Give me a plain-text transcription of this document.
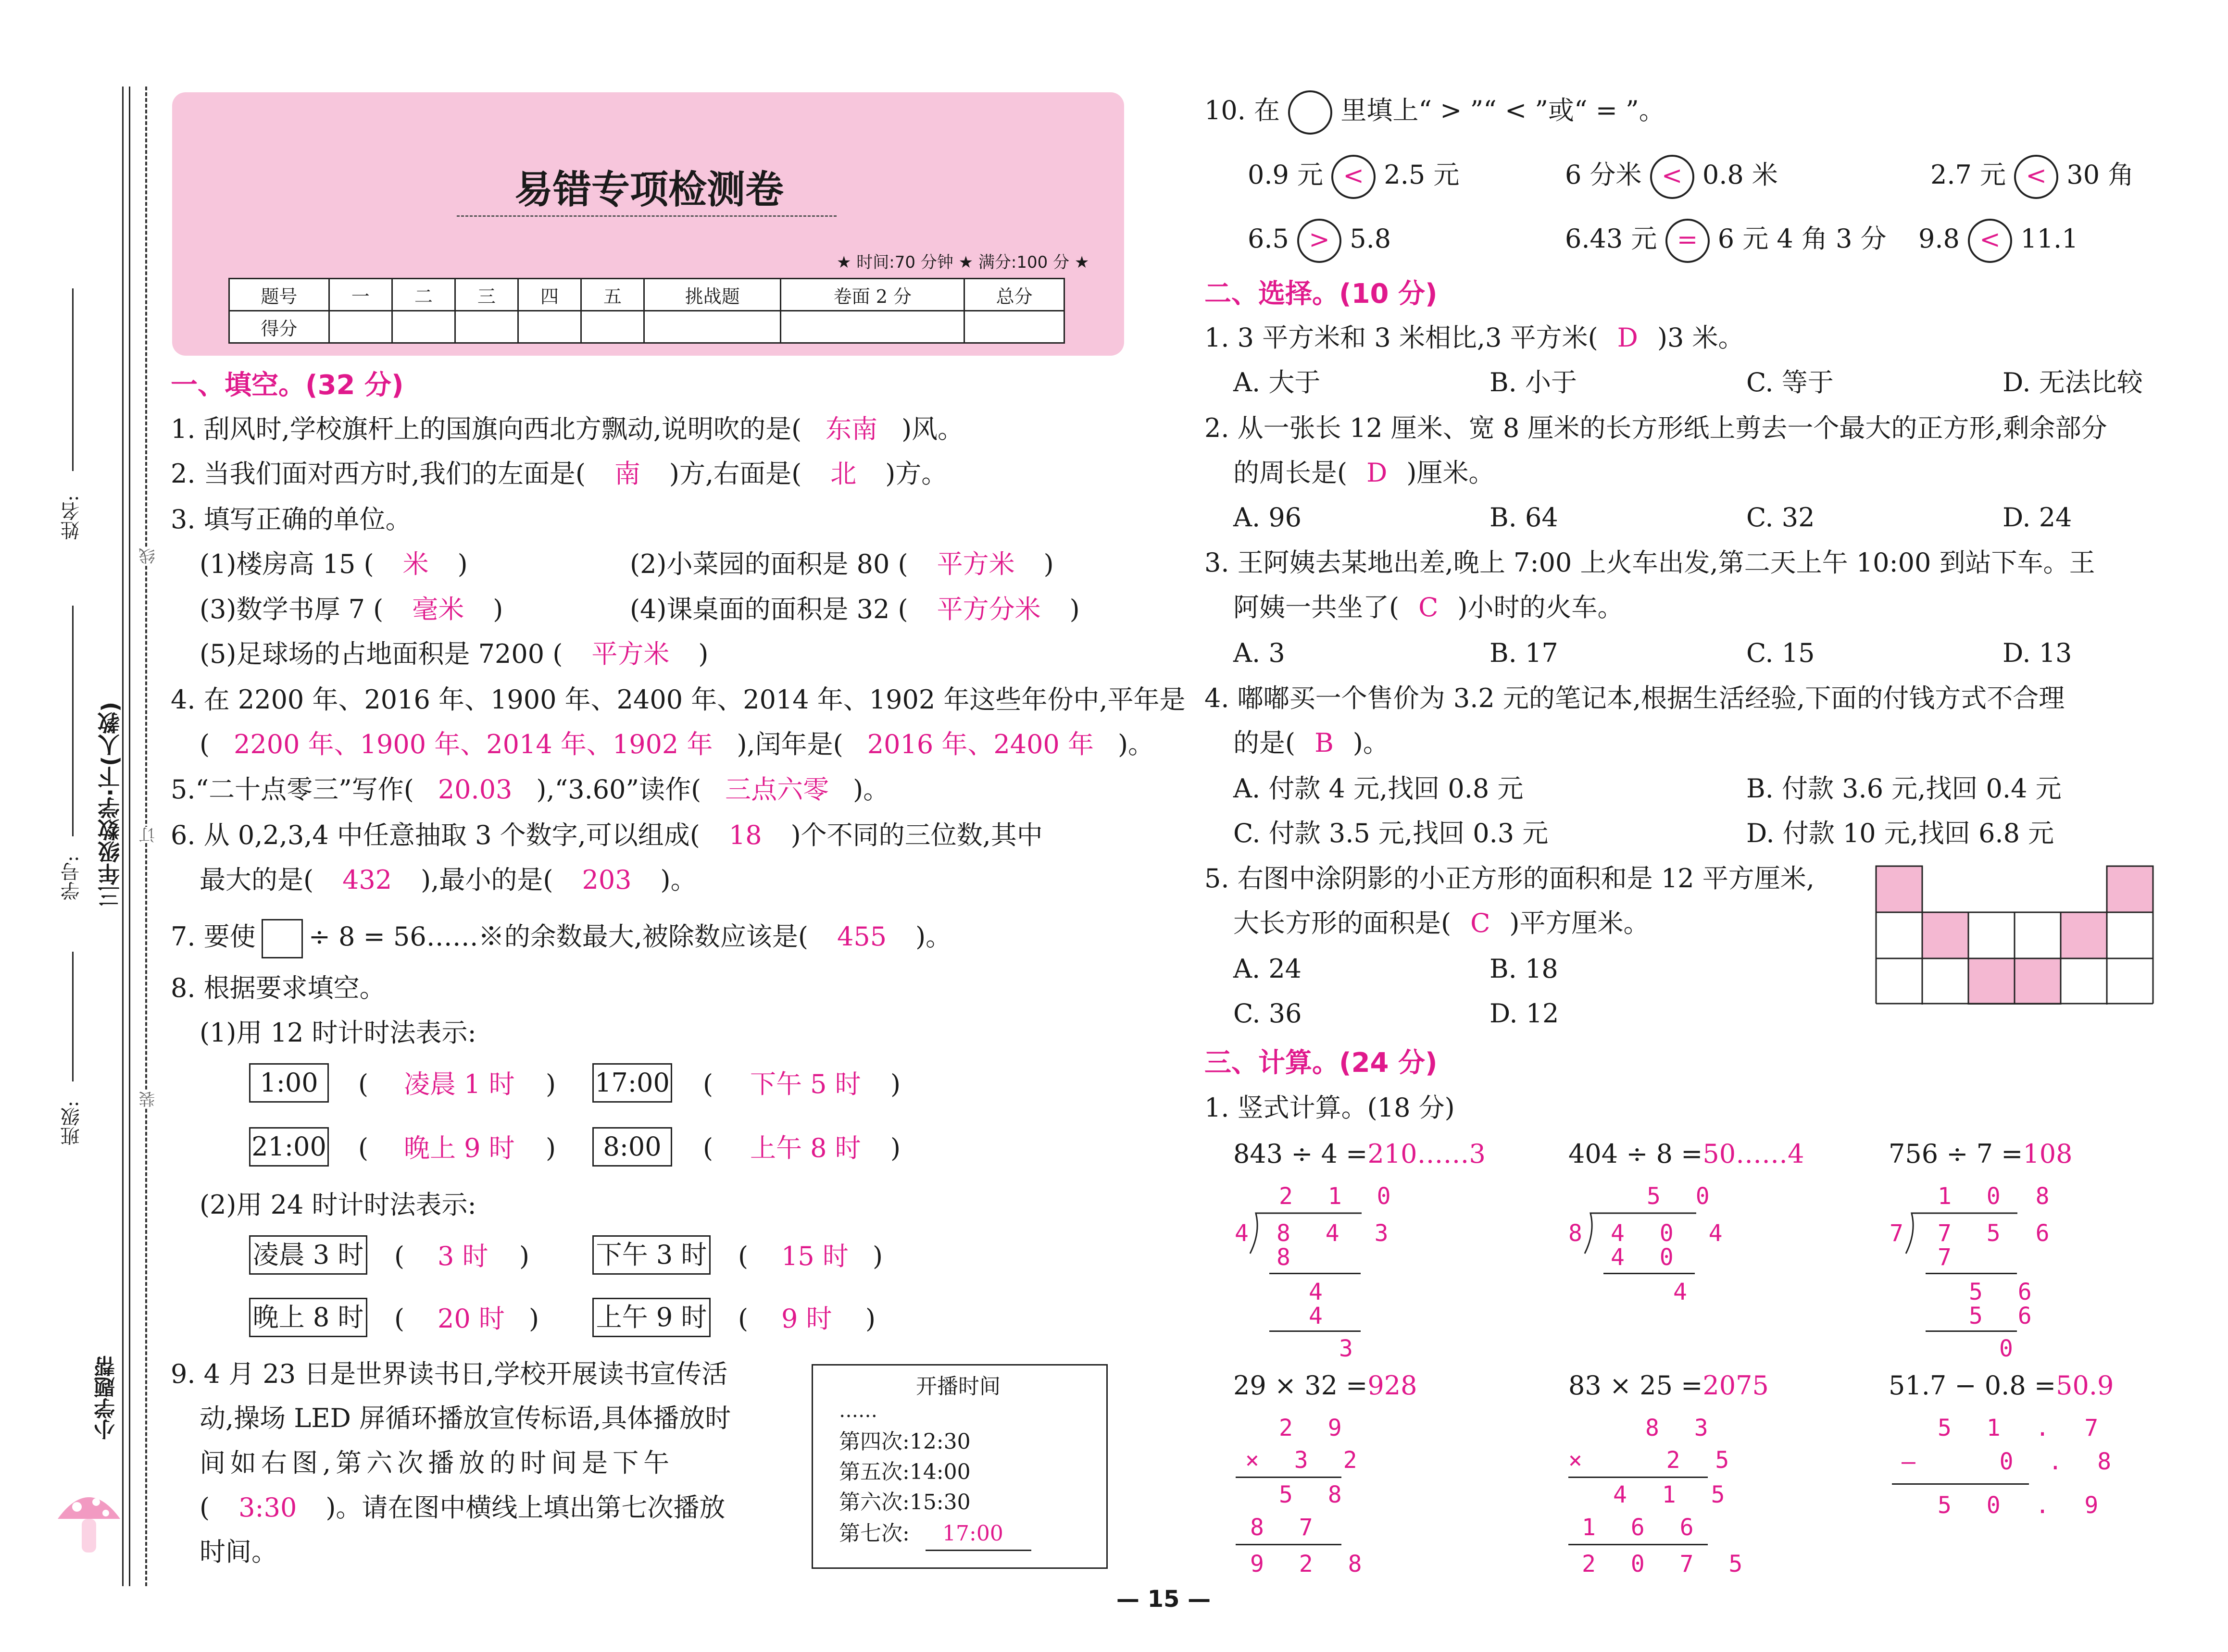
姓名:
学号: 三年级数学·下(人教)
班级:
线
订
装
小学题帮
易错专项检测卷
★ 时间:70 分钟 ★ 满分:100 分 ★
题号	一	二	三	四	五	挑战题	卷面 2 分	总分
得分								
一、填空。(32 分)
1. 刮风时,学校旗杆上的国旗向西北方飘动,说明吹的是( 东南 )风。
2. 当我们面对西方时,我们的左面是( 南 )方,右面是( 北 )方。
3. 填写正确的单位。
(1)楼房高 15 ( 米 )	(2)小菜园的面积是 80 ( 平方米 )
(3)数学书厚 7 ( 毫米 )	(4)课桌面的面积是 32 ( 平方分米 )
(5)足球场的占地面积是 7200 ( 平方米 )
4. 在 2200 年、2016 年、1900 年、2400 年、2014 年、1902 年这些年份中,平年是
( 2200 年、1900 年、2014 年、1902 年 ),闰年是( 2016 年、2400 年 )。
5.“二十点零三”写作( 20.03 ),“3.60”读作( 三点六零 )。
6. 从 0,2,3,4 中任意抽取 3 个数字,可以组成( 18 )个不同的三位数,其中
最大的是( 432 ),最小的是( 203 )。
7. 要使 ÷ 8 = 56……※的余数最大,被除数应该是( 455 )。
8. 根据要求填空。
(1)用 12 时计时法表示:
1:00	( 凌晨 1 时 ) 17:00 ( 下午 5 时 )
21:00 ( 晚上 9 时 )	8:00	( 上午 8 时 )
(2)用 24 时计时法表示:
凌晨 3 时 ( 3 时 )	下午 3 时 ( 15 时 )
晚上 8 时 ( 20 时 ) 上午 9 时 ( 9 时 )
9. 4 月 23 日是世界读书日,学校开展读书宣传活
动,操场 LED 屏循环播放宣传标语,具体播放时
间如右图,第六次播放的时间是下午
( 3:30 )。请在图中横线上填出第七次播放
时间。
开播时间
……
第四次:12:30
第五次:14:00
第六次:15:30
第七次: 17:00
10. 在 里填上“ > ”“ < ”或“ = ”。
0.9 元 < 2.5 元	6 分米 < 0.8 米	2.7 元 < 30 角
6.5 > 5.8	6.43 元 = 6 元 4 角 3 分 9.8 < 11.1
二、选择。(10 分)
1. 3 平方米和 3 米相比,3 平方米( D )3 米。
A. 大于	B. 小于	C. 等于	D. 无法比较
2. 从一张长 12 厘米、宽 8 厘米的长方形纸上剪去一个最大的正方形,剩余部分
的周长是( D )厘米。
A. 96	B. 64	C. 32	D. 24
3. 王阿姨去某地出差,晚上 7:00 上火车出发,第二天上午 10:00 到站下车。王
阿姨一共坐了( C )小时的火车。
A. 3	B. 17	C. 15	D. 13
4. 嘟嘟买一个售价为 3.2 元的笔记本,根据生活经验,下面的付钱方式不合理
的是( B )。
A. 付款 4 元,找回 0.8 元	B. 付款 3.6 元,找回 0.4 元
C. 付款 3.5 元,找回 0.3 元	D. 付款 10 元,找回 6.8 元
5. 右图中涂阴影的小正方形的面积和是 12 平方厘米,
大长方形的面积是( C )平方厘米。
A. 24	B. 18
C. 36	D. 12
三、计算。(24 分)
1. 竖式计算。(18 分)
843 ÷ 4 =210……3	404 ÷ 8 =50……4	756 ÷ 7 =108
2 1 0
4 8 4 3
8
4
4
3
5 0
8 4 0 4
4 0
4
1 0 8
7 7 5 6
7
5 6
5 6
0
29 × 32 =928	83 × 25 =2075	51.7 − 0.8 =50.9
2 9
× 3 2
5 8
8 7
9 2 8
8 3
×   2 5
4 1 5
1 6 6
2 0 7 5
5 1 . 7
—   0 . 8
5 0 . 9
— 15 —
